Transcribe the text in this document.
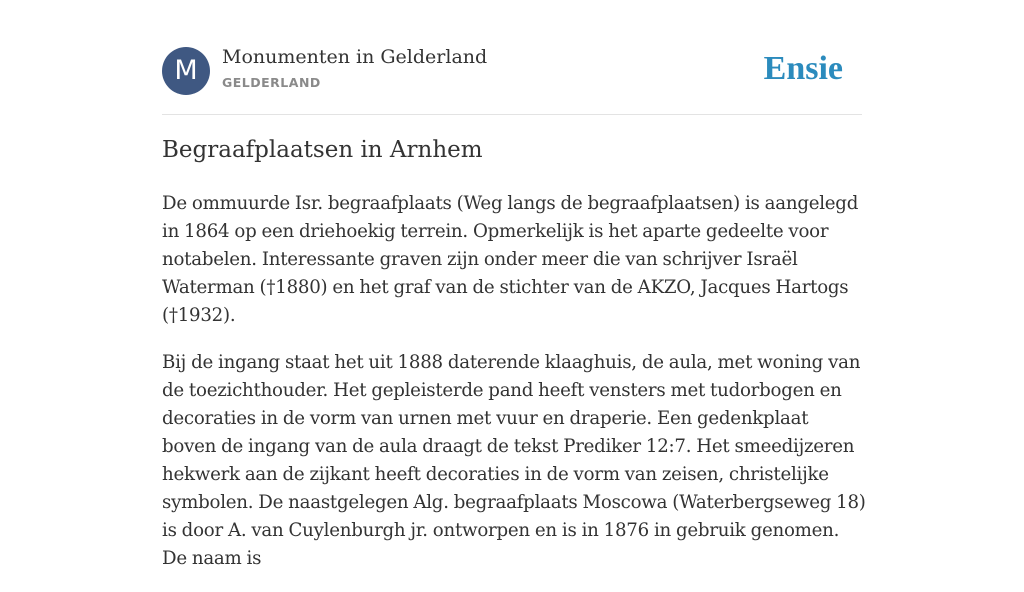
M	Monumenten in Gelderland
GELDERLAND	Ensie
Begraafplaatsen in Arnhem

De ommuurde Isr. begraafplaats (Weg langs de begraafplaatsen) is aangelegd in 1864 op een driehoekig terrein. Opmerkelijk is het aparte gedeelte voor notabelen. Interessante graven zijn onder meer die van schrijver Israël Waterman (†1880) en het graf van de stichter van de AKZO, Jacques Hartogs (†1932).

Bij de ingang staat het uit 1888 daterende klaaghuis, de aula, met woning van de toezichthouder. Het gepleisterde pand heeft vensters met tudorbogen en decoraties in de vorm van urnen met vuur en draperie. Een gedenkplaat boven de ingang van de aula draagt de tekst Prediker 12:7. Het smeedijzeren hekwerk aan de zijkant heeft decoraties in de vorm van zeisen, christelijke symbolen. De naastgelegen Alg. begraafplaats Moscowa (Waterbergseweg 18) is door A. van Cuylenburgh jr. ontworpen en is in 1876 in gebruik genomen. De naam is
